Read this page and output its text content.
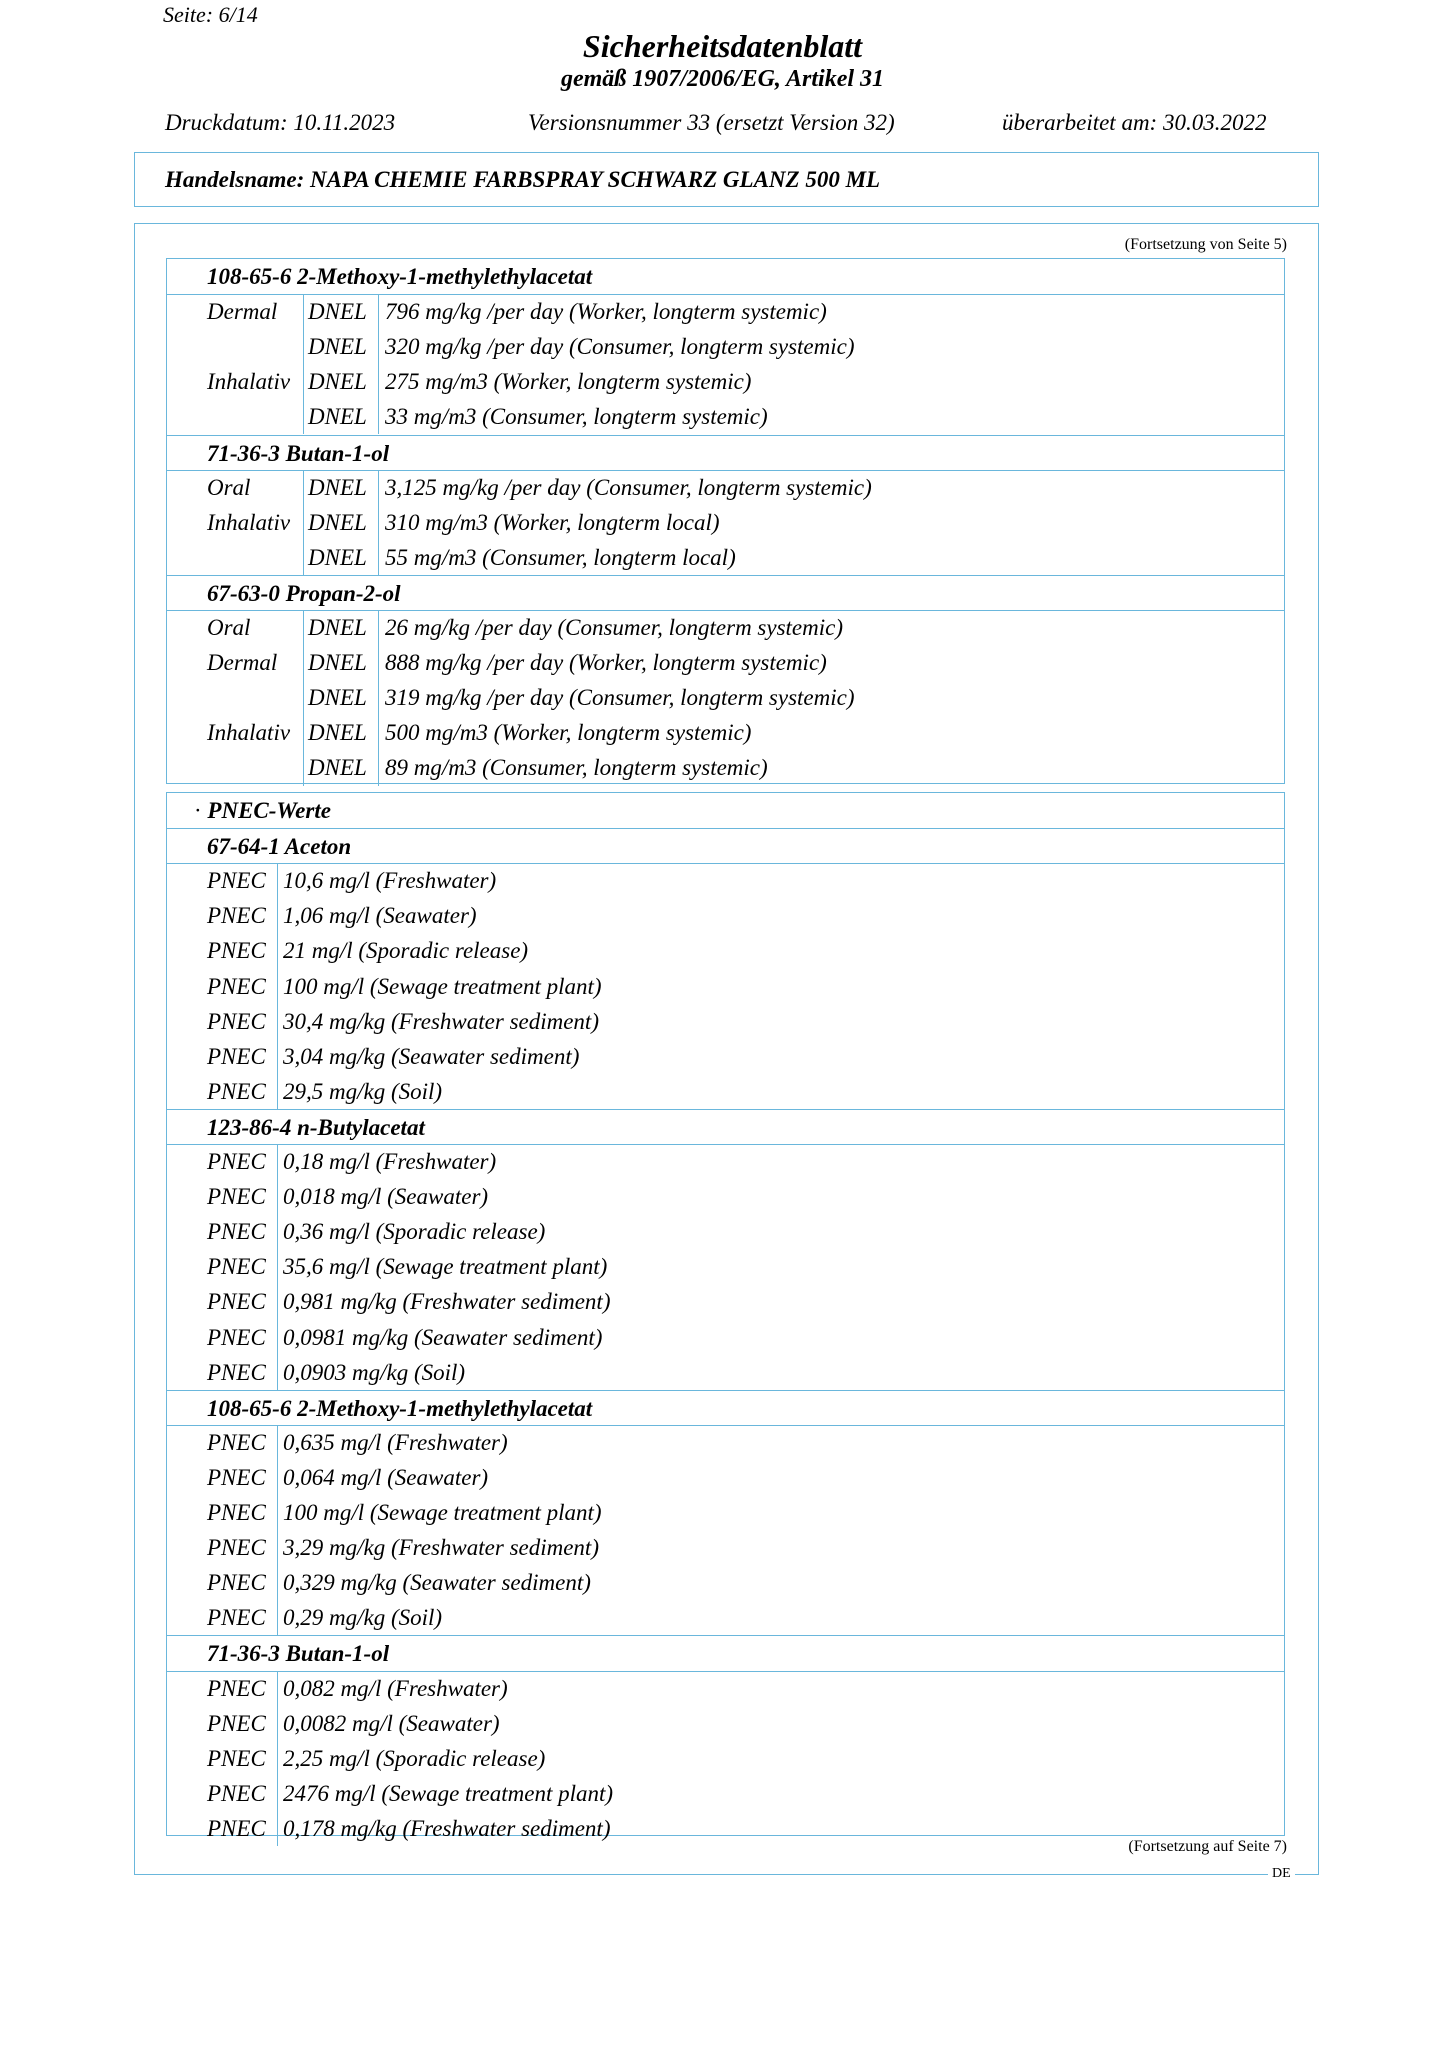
Seite: 6/14
Sicherheitsdatenblatt
gemäß 1907/2006/EG, Artikel 31
Druckdatum: 10.11.2023	Versionsnummer 33 (ersetzt Version 32)	überarbeitet am: 30.03.2022
Handelsname: NAPA CHEMIE FARBSPRAY SCHWARZ GLANZ 500 ML
(Fortsetzung von Seite 5)
108-65-6 2-Methoxy-1-methylethylacetat
Dermal DNEL 796 mg/kg /per day (Worker, longterm systemic)
DNEL 320 mg/kg /per day (Consumer, longterm systemic)
Inhalativ DNEL 275 mg/m3 (Worker, longterm systemic)
DNEL 33 mg/m3 (Consumer, longterm systemic)
71-36-3 Butan-1-ol
Oral	DNEL 3,125 mg/kg /per day (Consumer, longterm systemic)
Inhalativ DNEL 310 mg/m3 (Worker, longterm local)
DNEL 55 mg/m3 (Consumer, longterm local)
67-63-0 Propan-2-ol
Oral	DNEL 26 mg/kg /per day (Consumer, longterm systemic)
Dermal DNEL 888 mg/kg /per day (Worker, longterm systemic)
DNEL 319 mg/kg /per day (Consumer, longterm systemic)
Inhalativ DNEL 500 mg/m3 (Worker, longterm systemic)
DNEL 89 mg/m3 (Consumer, longterm systemic)
· PNEC-Werte
67-64-1 Aceton
PNEC 10,6 mg/l (Freshwater)
PNEC 1,06 mg/l (Seawater)
PNEC 21 mg/l (Sporadic release)
PNEC 100 mg/l (Sewage treatment plant)
PNEC 30,4 mg/kg (Freshwater sediment)
PNEC 3,04 mg/kg (Seawater sediment)
PNEC 29,5 mg/kg (Soil)
123-86-4 n-Butylacetat
PNEC 0,18 mg/l (Freshwater)
PNEC 0,018 mg/l (Seawater)
PNEC 0,36 mg/l (Sporadic release)
PNEC 35,6 mg/l (Sewage treatment plant)
PNEC 0,981 mg/kg (Freshwater sediment)
PNEC 0,0981 mg/kg (Seawater sediment)
PNEC 0,0903 mg/kg (Soil)
108-65-6 2-Methoxy-1-methylethylacetat
PNEC 0,635 mg/l (Freshwater)
PNEC 0,064 mg/l (Seawater)
PNEC 100 mg/l (Sewage treatment plant)
PNEC 3,29 mg/kg (Freshwater sediment)
PNEC 0,329 mg/kg (Seawater sediment)
PNEC 0,29 mg/kg (Soil)
71-36-3 Butan-1-ol
PNEC 0,082 mg/l (Freshwater)
PNEC 0,0082 mg/l (Seawater)
PNEC 2,25 mg/l (Sporadic release)
PNEC 2476 mg/l (Sewage treatment plant)
PNEC 0,178 mg/kg (Freshwater sediment)
(Fortsetzung auf Seite 7)
DE
